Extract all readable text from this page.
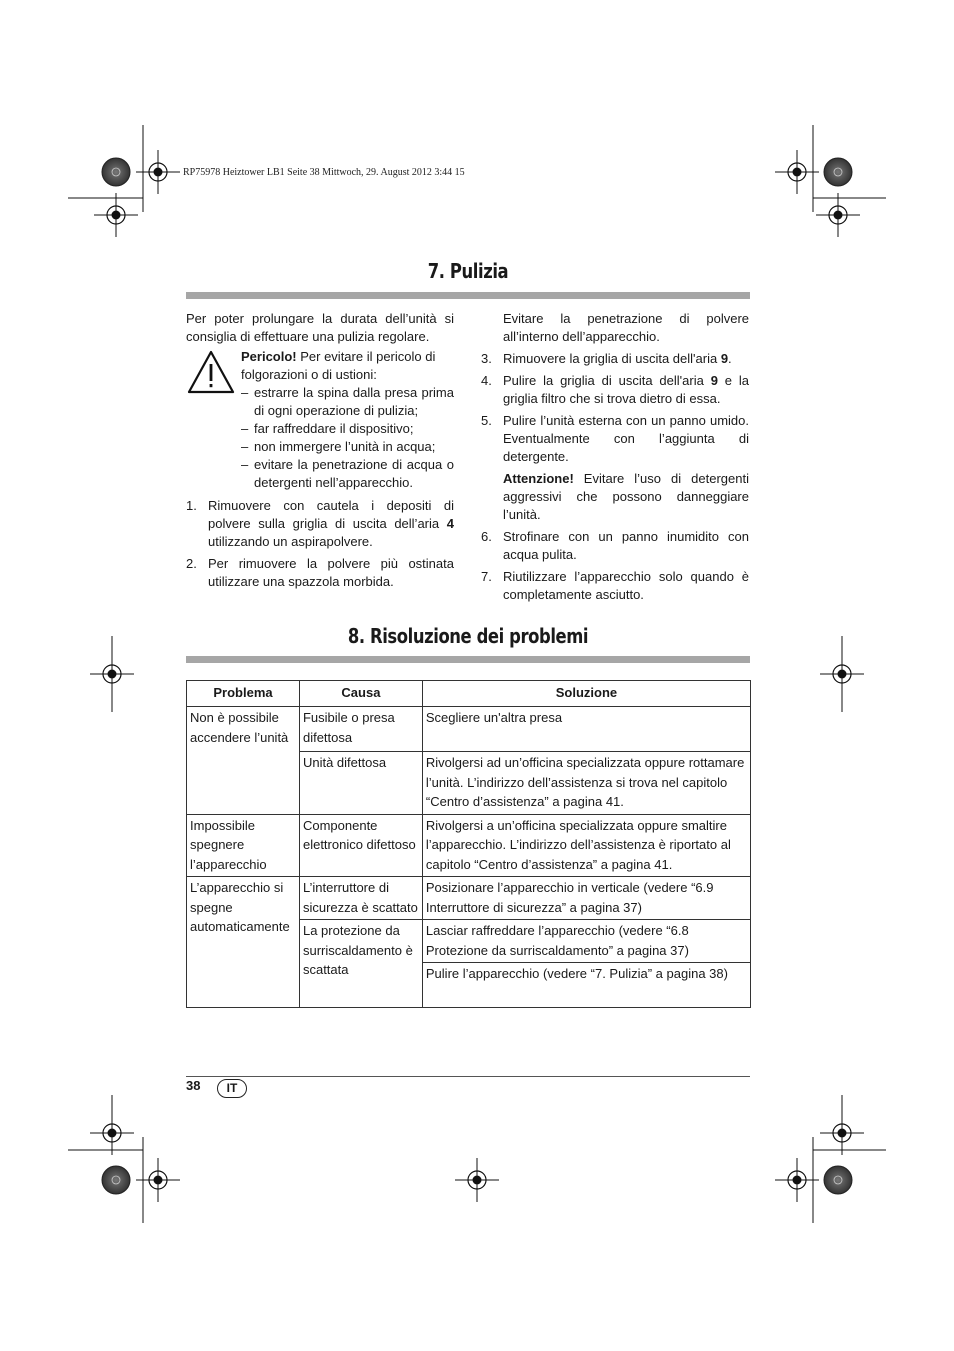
RP75978 Heiztower LB1 Seite 38 Mittwoch, 29. August 2012 3:44 15
7. Pulizia

Per poter prolungare la durata dell’unità si consiglia di effettuare una pulizia regolare.

Pericolo! Per evitare il pericolo di folgorazioni o di ustioni:

– estrarre la spina dalla presa prima di ogni operazione di pulizia;
– far raffreddare il dispositivo;
– non immergere l’unità in acqua;
– evitare la penetrazione di acqua o detergenti nell’apparecchio.
1. Rimuovere con cautela i depositi di polvere sulla griglia di uscita dell’aria 4 utilizzando un aspirapolvere.
2. Per rimuovere la polvere più ostinata utilizzare una spazzola morbida.

Evitare la penetrazione di polvere all’interno dell’apparecchio.

3. Rimuovere la griglia di uscita dell'aria 9.
4. Pulire la griglia di uscita dell'aria 9 e la griglia filtro che si trova dietro di essa.
5. Pulire l’unità esterna con un panno umido. Eventualmente con l’aggiunta di detergente.

Attenzione! Evitare l’uso di detergenti aggressivi che possono danneggiare l’unità.

6. Strofinare con un panno inumidito con acqua pulita.
7. Riutilizzare l’apparecchio solo quando è completamente asciutto.
8. Risoluzione dei problemi
Problema	Causa	Soluzione
Non è possibile accendere l’unità	Fusibile o presa difettosa	Scegliere un'altra presa
	Unità difettosa	Rivolgersi ad un’officina specializzata oppure rottamare l’unità. L’indirizzo dell’assistenza si trova nel capitolo “Centro d’assistenza” a pagina 41.
Impossibile spegnere l’apparecchio	Componente elettronico difettoso	Rivolgersi a un’officina specializzata oppure smaltire l’apparecchio. L’indirizzo dell’assistenza è riportato al capitolo “Centro d’assistenza” a pagina 41.
L’apparecchio si spegne automaticamente	L’interruttore di sicurezza è scattato	Posizionare l’apparecchio in verticale (vedere “6.9 Interruttore di sicurezza” a pagina 37)
	La protezione da surriscaldamento è scattata	Lasciar raffreddare l’apparecchio (vedere “6.8 Protezione da surriscaldamento” a pagina 37)
		Pulire l’apparecchio (vedere “7. Pulizia” a pagina 38)
38	IT
